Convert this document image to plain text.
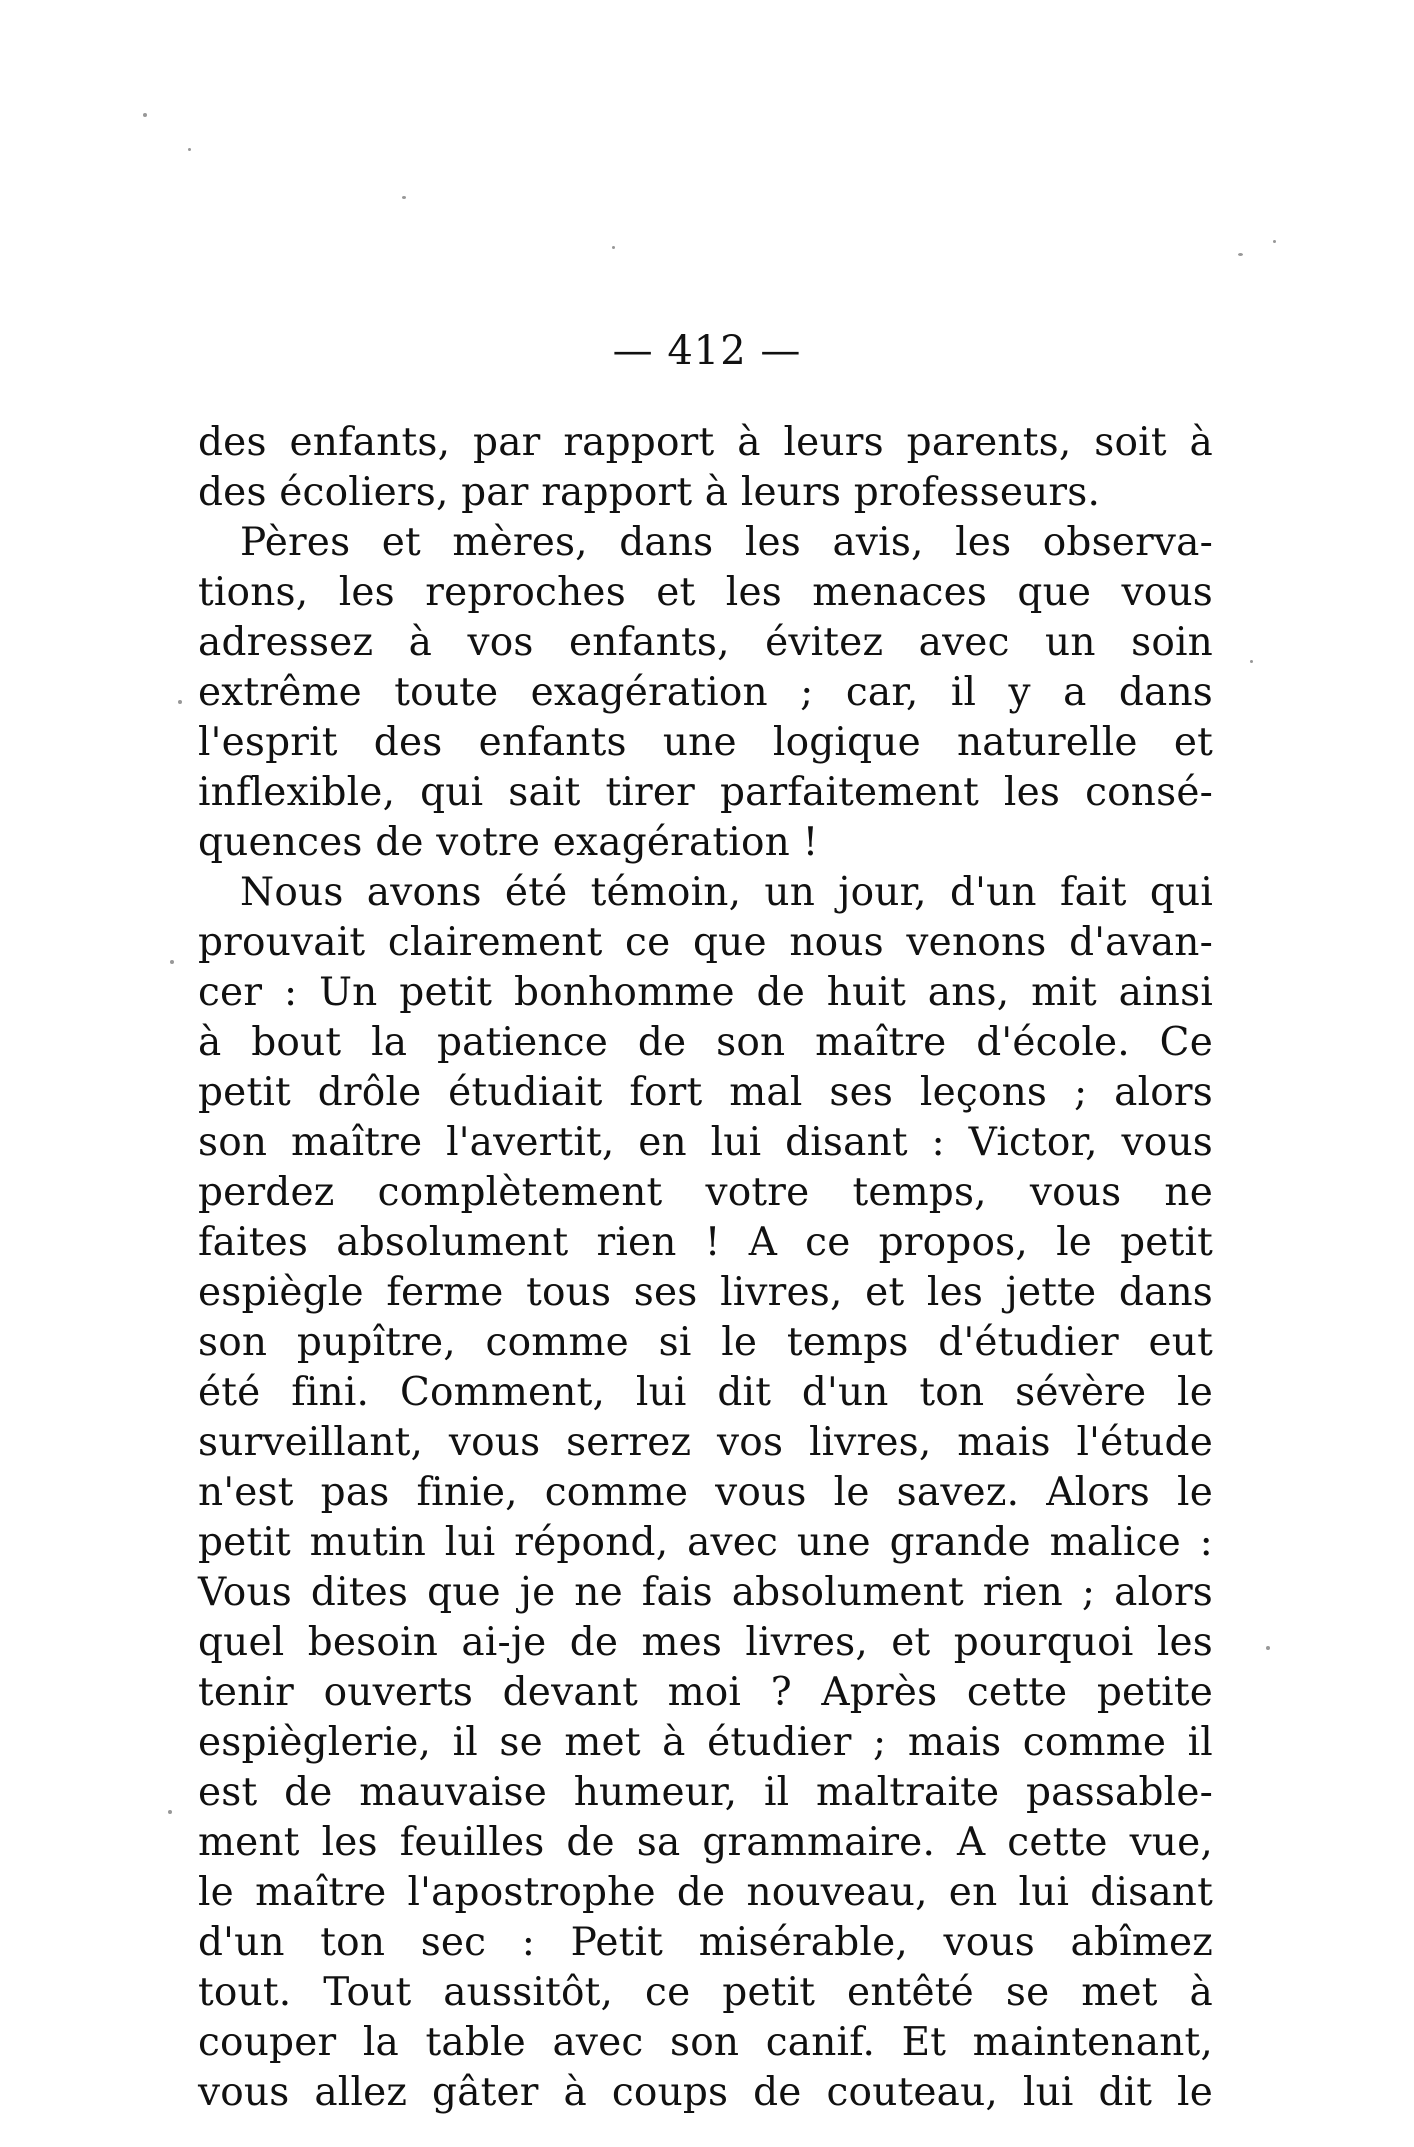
— 412 —
des enfants, par rapport à leurs parents, soit à
des écoliers, par rapport à leurs professeurs.
Pères et mères, dans les avis, les observa-
tions, les reproches et les menaces que vous
adressez à vos enfants, évitez avec un soin
extrême toute exagération ; car, il y a dans
l'esprit des enfants une logique naturelle et
inflexible, qui sait tirer parfaitement les consé-
quences de votre exagération !
Nous avons été témoin, un jour, d'un fait qui
prouvait clairement ce que nous venons d'avan-
cer : Un petit bonhomme de huit ans, mit ainsi
à bout la patience de son maître d'école. Ce
petit drôle étudiait fort mal ses leçons ; alors
son maître l'avertit, en lui disant : Victor, vous
perdez complètement votre temps, vous ne
faites absolument rien ! A ce propos, le petit
espiègle ferme tous ses livres, et les jette dans
son pupître, comme si le temps d'étudier eut
été fini. Comment, lui dit d'un ton sévère le
surveillant, vous serrez vos livres, mais l'étude
n'est pas finie, comme vous le savez. Alors le
petit mutin lui répond, avec une grande malice :
Vous dites que je ne fais absolument rien ; alors
quel besoin ai-je de mes livres, et pourquoi les
tenir ouverts devant moi ? Après cette petite
espièglerie, il se met à étudier ; mais comme il
est de mauvaise humeur, il maltraite passable-
ment les feuilles de sa grammaire. A cette vue,
le maître l'apostrophe de nouveau, en lui disant
d'un ton sec : Petit misérable, vous abîmez
tout. Tout aussitôt, ce petit entêté se met à
couper la table avec son canif. Et maintenant,
vous allez gâter à coups de couteau, lui dit le
